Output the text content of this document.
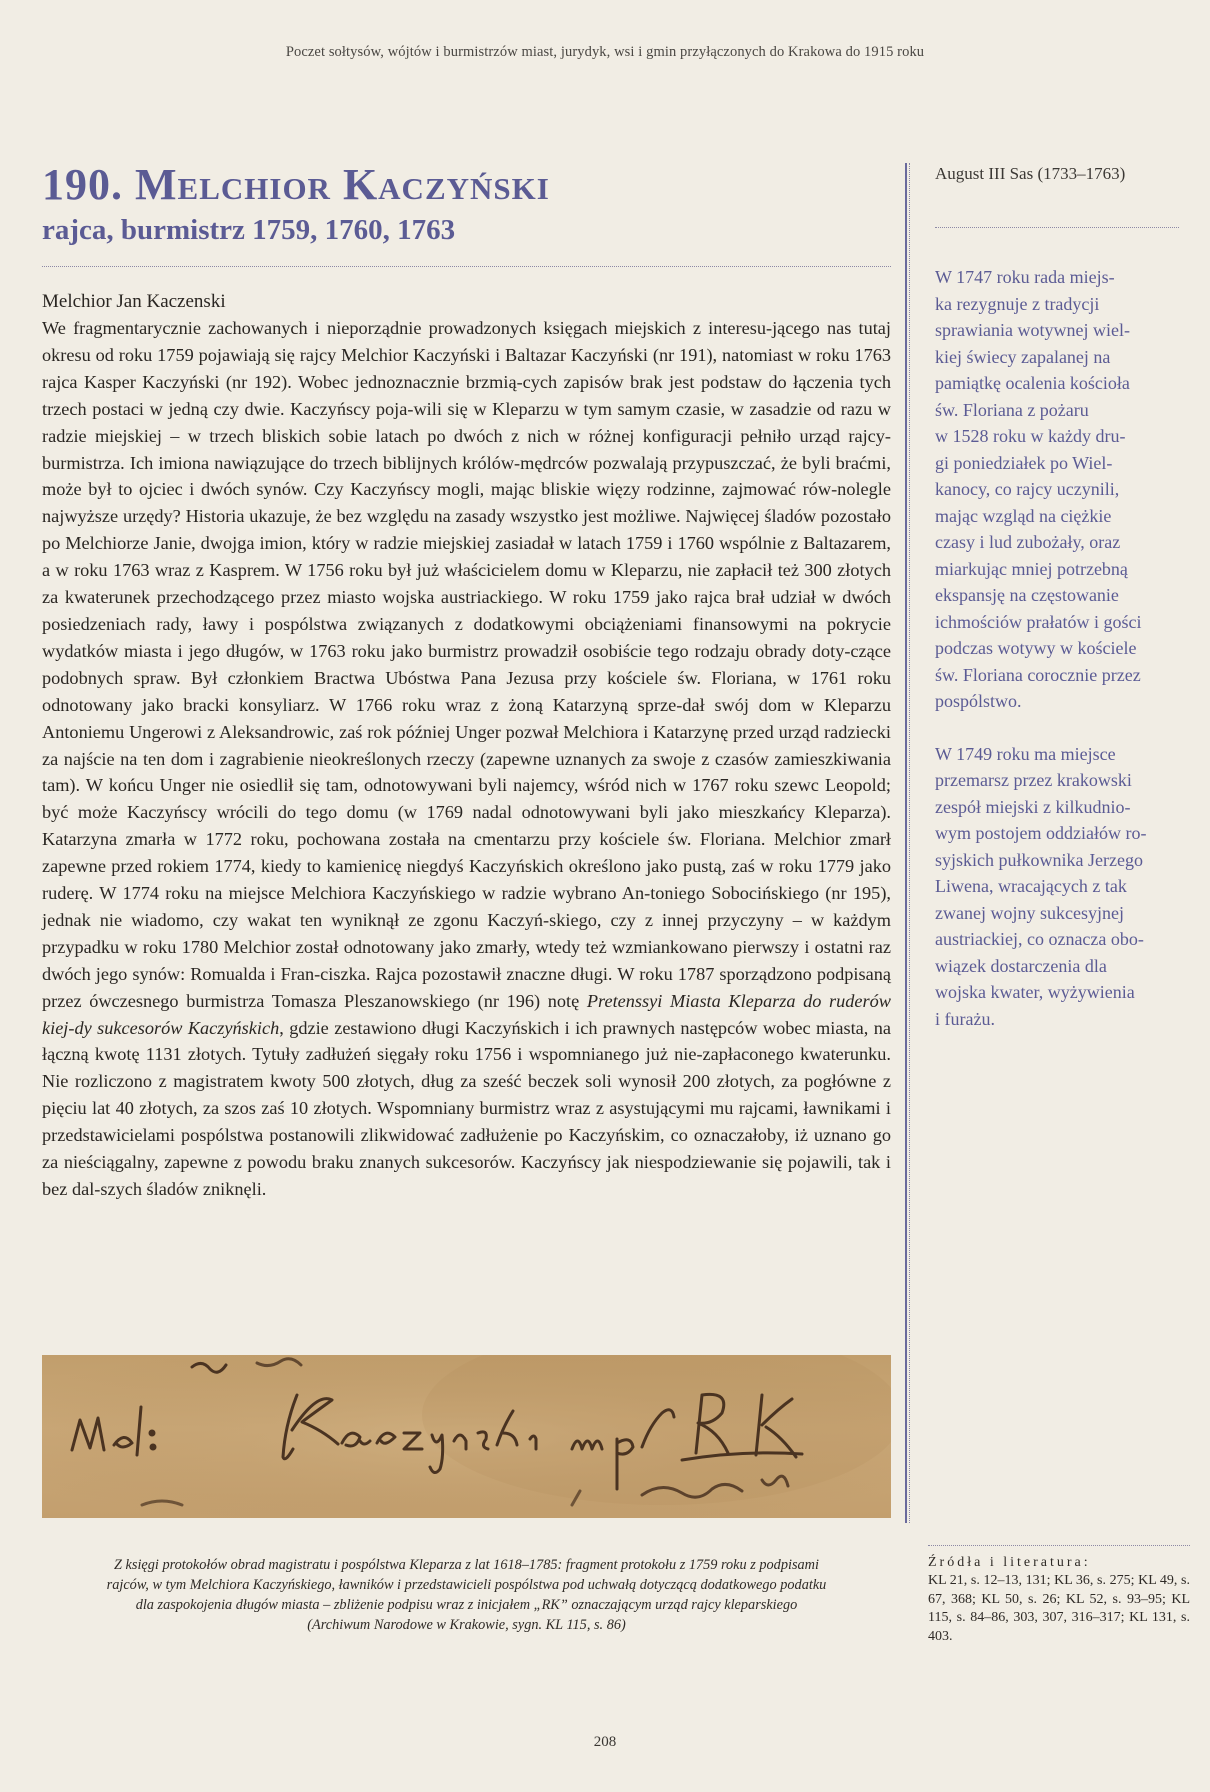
Poczet sołtysów, wójtów i burmistrzów miast, jurydyk, wsi i gmin przyłączonych do Krakowa do 1915 roku
190. Melchior Kaczyński
rajca, burmistrz 1759, 1760, 1763
Melchior Jan Kaczenski

We fragmentarycznie zachowanych i nieporządnie prowadzonych księgach miejskich z interesu-jącego nas tutaj okresu od roku 1759 pojawiają się rajcy Melchior Kaczyński i Baltazar Kaczyński (nr 191), natomiast w roku 1763 rajca Kasper Kaczyński (nr 192). Wobec jednoznacznie brzmią-cych zapisów brak jest podstaw do łączenia tych trzech postaci w jedną czy dwie. Kaczyńscy poja-wili się w Kleparzu w tym samym czasie, w zasadzie od razu w radzie miejskiej – w trzech bliskich sobie latach po dwóch z nich w różnej konfiguracji pełniło urząd rajcy-burmistrza. Ich imiona nawiązujące do trzech biblijnych królów-mędrców pozwalają przypuszczać, że byli braćmi, może był to ojciec i dwóch synów. Czy Kaczyńscy mogli, mając bliskie więzy rodzinne, zajmować rów-nolegle najwyższe urzędy? Historia ukazuje, że bez względu na zasady wszystko jest możliwe. Najwięcej śladów pozostało po Melchiorze Janie, dwojga imion, który w radzie miejskiej zasiadał w latach 1759 i 1760 wspólnie z Baltazarem, a w roku 1763 wraz z Kasprem. W 1756 roku był już właścicielem domu w Kleparzu, nie zapłacił też 300 złotych za kwaterunek przechodzącego przez miasto wojska austriackiego. W roku 1759 jako rajca brał udział w dwóch posiedzeniach rady, ławy i pospólstwa związanych z dodatkowymi obciążeniami finansowymi na pokrycie wydatków miasta i jego długów, w 1763 roku jako burmistrz prowadził osobiście tego rodzaju obrady doty-czące podobnych spraw. Był członkiem Bractwa Ubóstwa Pana Jezusa przy kościele św. Floriana, w 1761 roku odnotowany jako bracki konsyliarz. W 1766 roku wraz z żoną Katarzyną sprze-dał swój dom w Kleparzu Antoniemu Ungerowi z Aleksandrowic, zaś rok później Unger pozwał Melchiora i Katarzynę przed urząd radziecki za najście na ten dom i zagrabienie nieokreślonych rzeczy (zapewne uznanych za swoje z czasów zamieszkiwania tam). W końcu Unger nie osiedlił się tam, odnotowywani byli najemcy, wśród nich w 1767 roku szewc Leopold; być może Kaczyńscy wrócili do tego domu (w 1769 nadal odnotowywani byli jako mieszkańcy Kleparza). Katarzyna zmarła w 1772 roku, pochowana została na cmentarzu przy kościele św. Floriana. Melchior zmarł zapewne przed rokiem 1774, kiedy to kamienicę niegdyś Kaczyńskich określono jako pustą, zaś w roku 1779 jako ruderę. W 1774 roku na miejsce Melchiora Kaczyńskiego w radzie wybrano An-toniego Sobocińskiego (nr 195), jednak nie wiadomo, czy wakat ten wyniknął ze zgonu Kaczyń-skiego, czy z innej przyczyny – w każdym przypadku w roku 1780 Melchior został odnotowany jako zmarły, wtedy też wzmiankowano pierwszy i ostatni raz dwóch jego synów: Romualda i Fran-ciszka. Rajca pozostawił znaczne długi. W roku 1787 sporządzono podpisaną przez ówczesnego burmistrza Tomasza Pleszanowskiego (nr 196) notę Pretenssyi Miasta Kleparza do ruderów kiej-dy sukcesorów Kaczyńskich, gdzie zestawiono długi Kaczyńskich i ich prawnych następców wobec miasta, na łączną kwotę 1131 złotych. Tytuły zadłużeń sięgały roku 1756 i wspomnianego już nie-zapłaconego kwaterunku. Nie rozliczono z magistratem kwoty 500 złotych, dług za sześć beczek soli wynosił 200 złotych, za pogłówne z pięciu lat 40 złotych, za szos zaś 10 złotych. Wspomniany burmistrz wraz z asystującymi mu rajcami, ławnikami i przedstawicielami pospólstwa postanowili zlikwidować zadłużenie po Kaczyńskim, co oznaczałoby, iż uznano go za nieściągalny, zapewne z powodu braku znanych sukcesorów. Kaczyńscy jak niespodziewanie się pojawili, tak i bez dal-szych śladów zniknęli.

August III Sas (1733–1763)

W 1747 roku rada miejs-
ka rezygnuje z tradycji
sprawiania wotywnej wiel-
kiej świecy zapalanej na
pamiątkę ocalenia kościoła
św. Floriana z pożaru
w 1528 roku w każdy dru-
gi poniedziałek po Wiel-
kanocy, co rajcy uczynili,
mając wzgląd na ciężkie
czasy i lud zubożały, oraz
miarkując mniej potrzebną
ekspansję na częstowanie
ichmościów prałatów i gości
podczas wotywy w kościele
św. Floriana corocznie przez
pospólstwo.

W 1749 roku ma miejsce
przemarsz przez krakowski
zespół miejski z kilkudnio-
wym postojem oddziałów ro-
syjskich pułkownika Jerzego
Liwena, wracających z tak
zwanej wojny sukcesyjnej
austriackiej, co oznacza obo-
wiązek dostarczenia dla
wojska kwater, wyżywienia
i furażu.

Z księgi protokołów obrad magistratu i pospólstwa Kleparza z lat 1618–1785: fragment protokołu z 1759 roku z podpisami
rajców, w tym Melchiora Kaczyńskiego, ławników i przedstawicieli pospólstwa pod uchwałą dotyczącą dodatkowego podatku
dla zaspokojenia długów miasta – zbliżenie podpisu wraz z inicjałem „RK” oznaczającym urząd rajcy kleparskiego
(Archiwum Narodowe w Krakowie, sygn. KL 115, s. 86)
Źródła i literatura:

KL 21, s. 12–13, 131; KL 36, s. 275; KL 49, s. 67, 368; KL 50, s. 26; KL 52, s. 93–95; KL 115, s. 84–86, 303, 307, 316–317; KL 131, s. 403.

208
